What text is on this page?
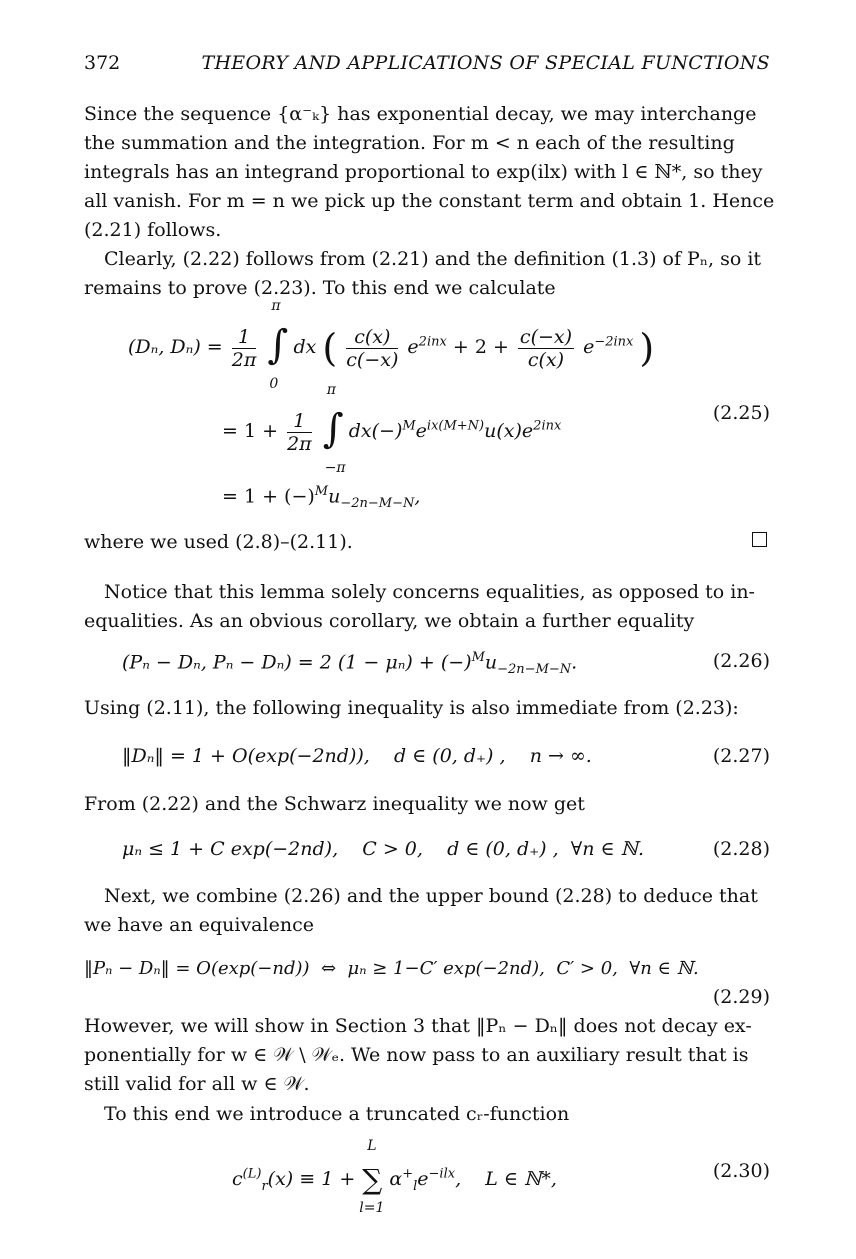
372	THEORY AND APPLICATIONS OF SPECIAL FUNCTIONS
Since the sequence {α⁻ₖ} has exponential decay, we may interchange
the summation and the integration. For m < n each of the resulting
integrals has an integrand proportional to exp(ilx) with l ∈ ℕ*, so they
all vanish. For m = n we pick up the constant term and obtain 1. Hence
(2.21) follows.
Clearly, (2.22) follows from (2.21) and the definition (1.3) of Pₙ, so it
remains to prove (2.23). To this end we calculate
(Dₙ, $D_n) = \frac{1}{2\pi}$

π
∫
0
dx ( $\frac{c(x)}{c(-x)} e^{2inx} + 2 + \frac{c(-x)}{c(x)} e^{-2inx}$ )
= $1 + \frac{1}{2\pi}$

π
∫
−π
$dx(-)^Me^{ix(M+N)}u(x)e^{2inx}$
(2.25)
= $1 + (-)^Mu_{-2n-M-N}$,
where we used (2.8)–(2.11).
Notice that this lemma solely concerns equalities, as opposed to in-
equalities. As an obvious corollary, we obtain a further equality
(Pₙ − Dₙ, Pₙ − Dₙ) = 2 $(1 - \mu_n) + (-)^Mu_{-2n-M-N}$.	(2.26)
Using (2.11), the following inequality is also immediate from (2.23):
‖Dₙ‖ = 1 + O(exp(−2nd)),    d ∈ (0, d₊) ,    n → ∞.	(2.27)
From (2.22) and the Schwarz inequality we now get
μₙ ≤ 1 + C exp(−2nd),    C > 0,    d ∈ (0, d₊) ,  ∀n ∈ ℕ.	(2.28)
Next, we combine (2.26) and the upper bound (2.28) to deduce that
we have an equivalence
‖Pₙ − Dₙ‖ = O(exp(−nd))  ⇔  μₙ ≥ 1−C′ exp(−2nd),  C′ > 0,  ∀n ∈ ℕ.
(2.29)
However, we will show in Section 3 that ‖Pₙ − Dₙ‖ does not decay ex-
ponentially for w ∈ 𝒲 \ 𝒲ₑ. We now pass to an auxiliary result that is
still valid for all w ∈ 𝒲.
To this end we introduce a truncated cᵣ-function
$c^{(L)}_r(x) \equiv 1$ +
L
∑
l=1
$\alpha^+_le^{-ilx}$,    L ∈ ℕ*,	(2.30)
